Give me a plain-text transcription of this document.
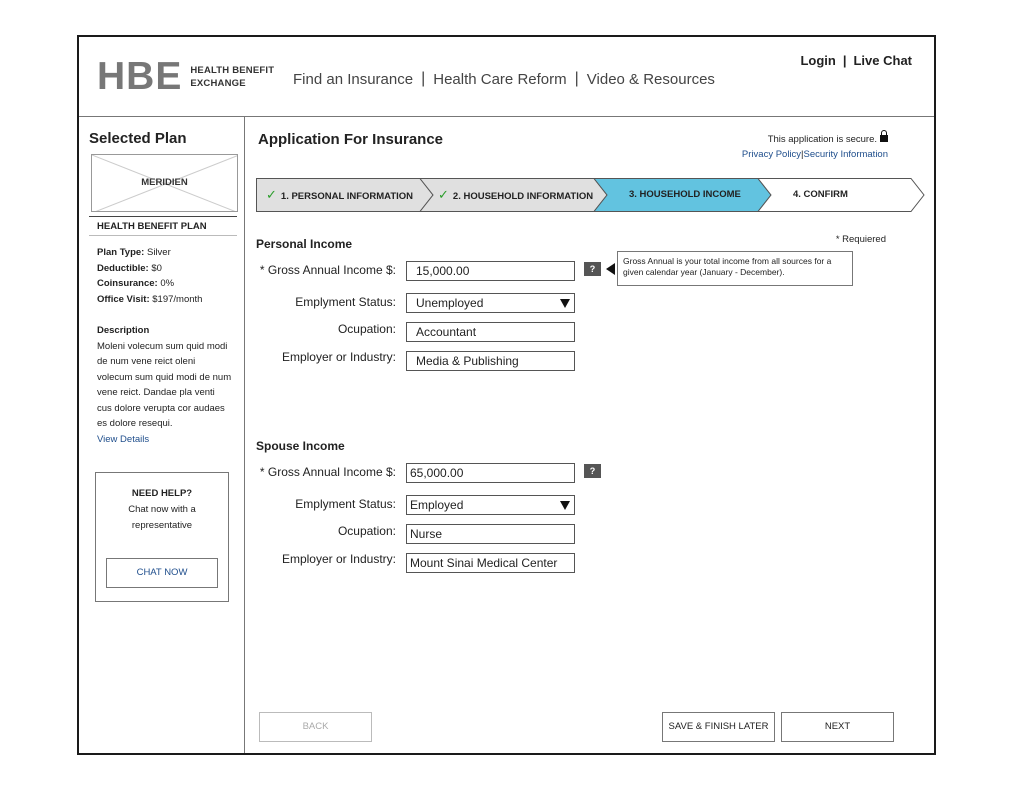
HBE HEALTH BENEFIT
EXCHANGE	Find an Insurance | Health Care Reform | Video & Resources
Login | Live Chat
Selected Plan
MERIDIEN
HEALTH BENEFIT PLAN
Plan Type: Silver
Deductible: $0
Coinsurance: 0%
Office Visit: $197/month
Description
Moleni volecum sum quid modi de num vene reict oleni volecum sum quid modi de num vene reict. Dandae pla venti cus dolore verupta cor audaes es dolore resequi.
View Details
NEED HELP?
Chat now with a representative
CHAT NOW
Application For Insurance	This application is secure.
Privacy Policy|Security Information
✓ 1. PERSONAL INFORMATION ✓ 2. HOUSEHOLD INFORMATION	3. HOUSEHOLD INCOME	4. CONFIRM
* Requiered
Personal Income
* Gross Annual Income $:	15,000.00	?
Gross Annual is your total income from all sources for a given calendar year (January - December).
Emplyment Status:	Unemployed
Ocupation:	Accountant
Employer or Industry:	Media & Publishing
Spouse Income
* Gross Annual Income $:	65,000.00	?
Emplyment Status:	Employed
Ocupation:	Nurse
Employer or Industry:	Mount Sinai Medical Center
BACK	SAVE & FINISH LATER	NEXT
